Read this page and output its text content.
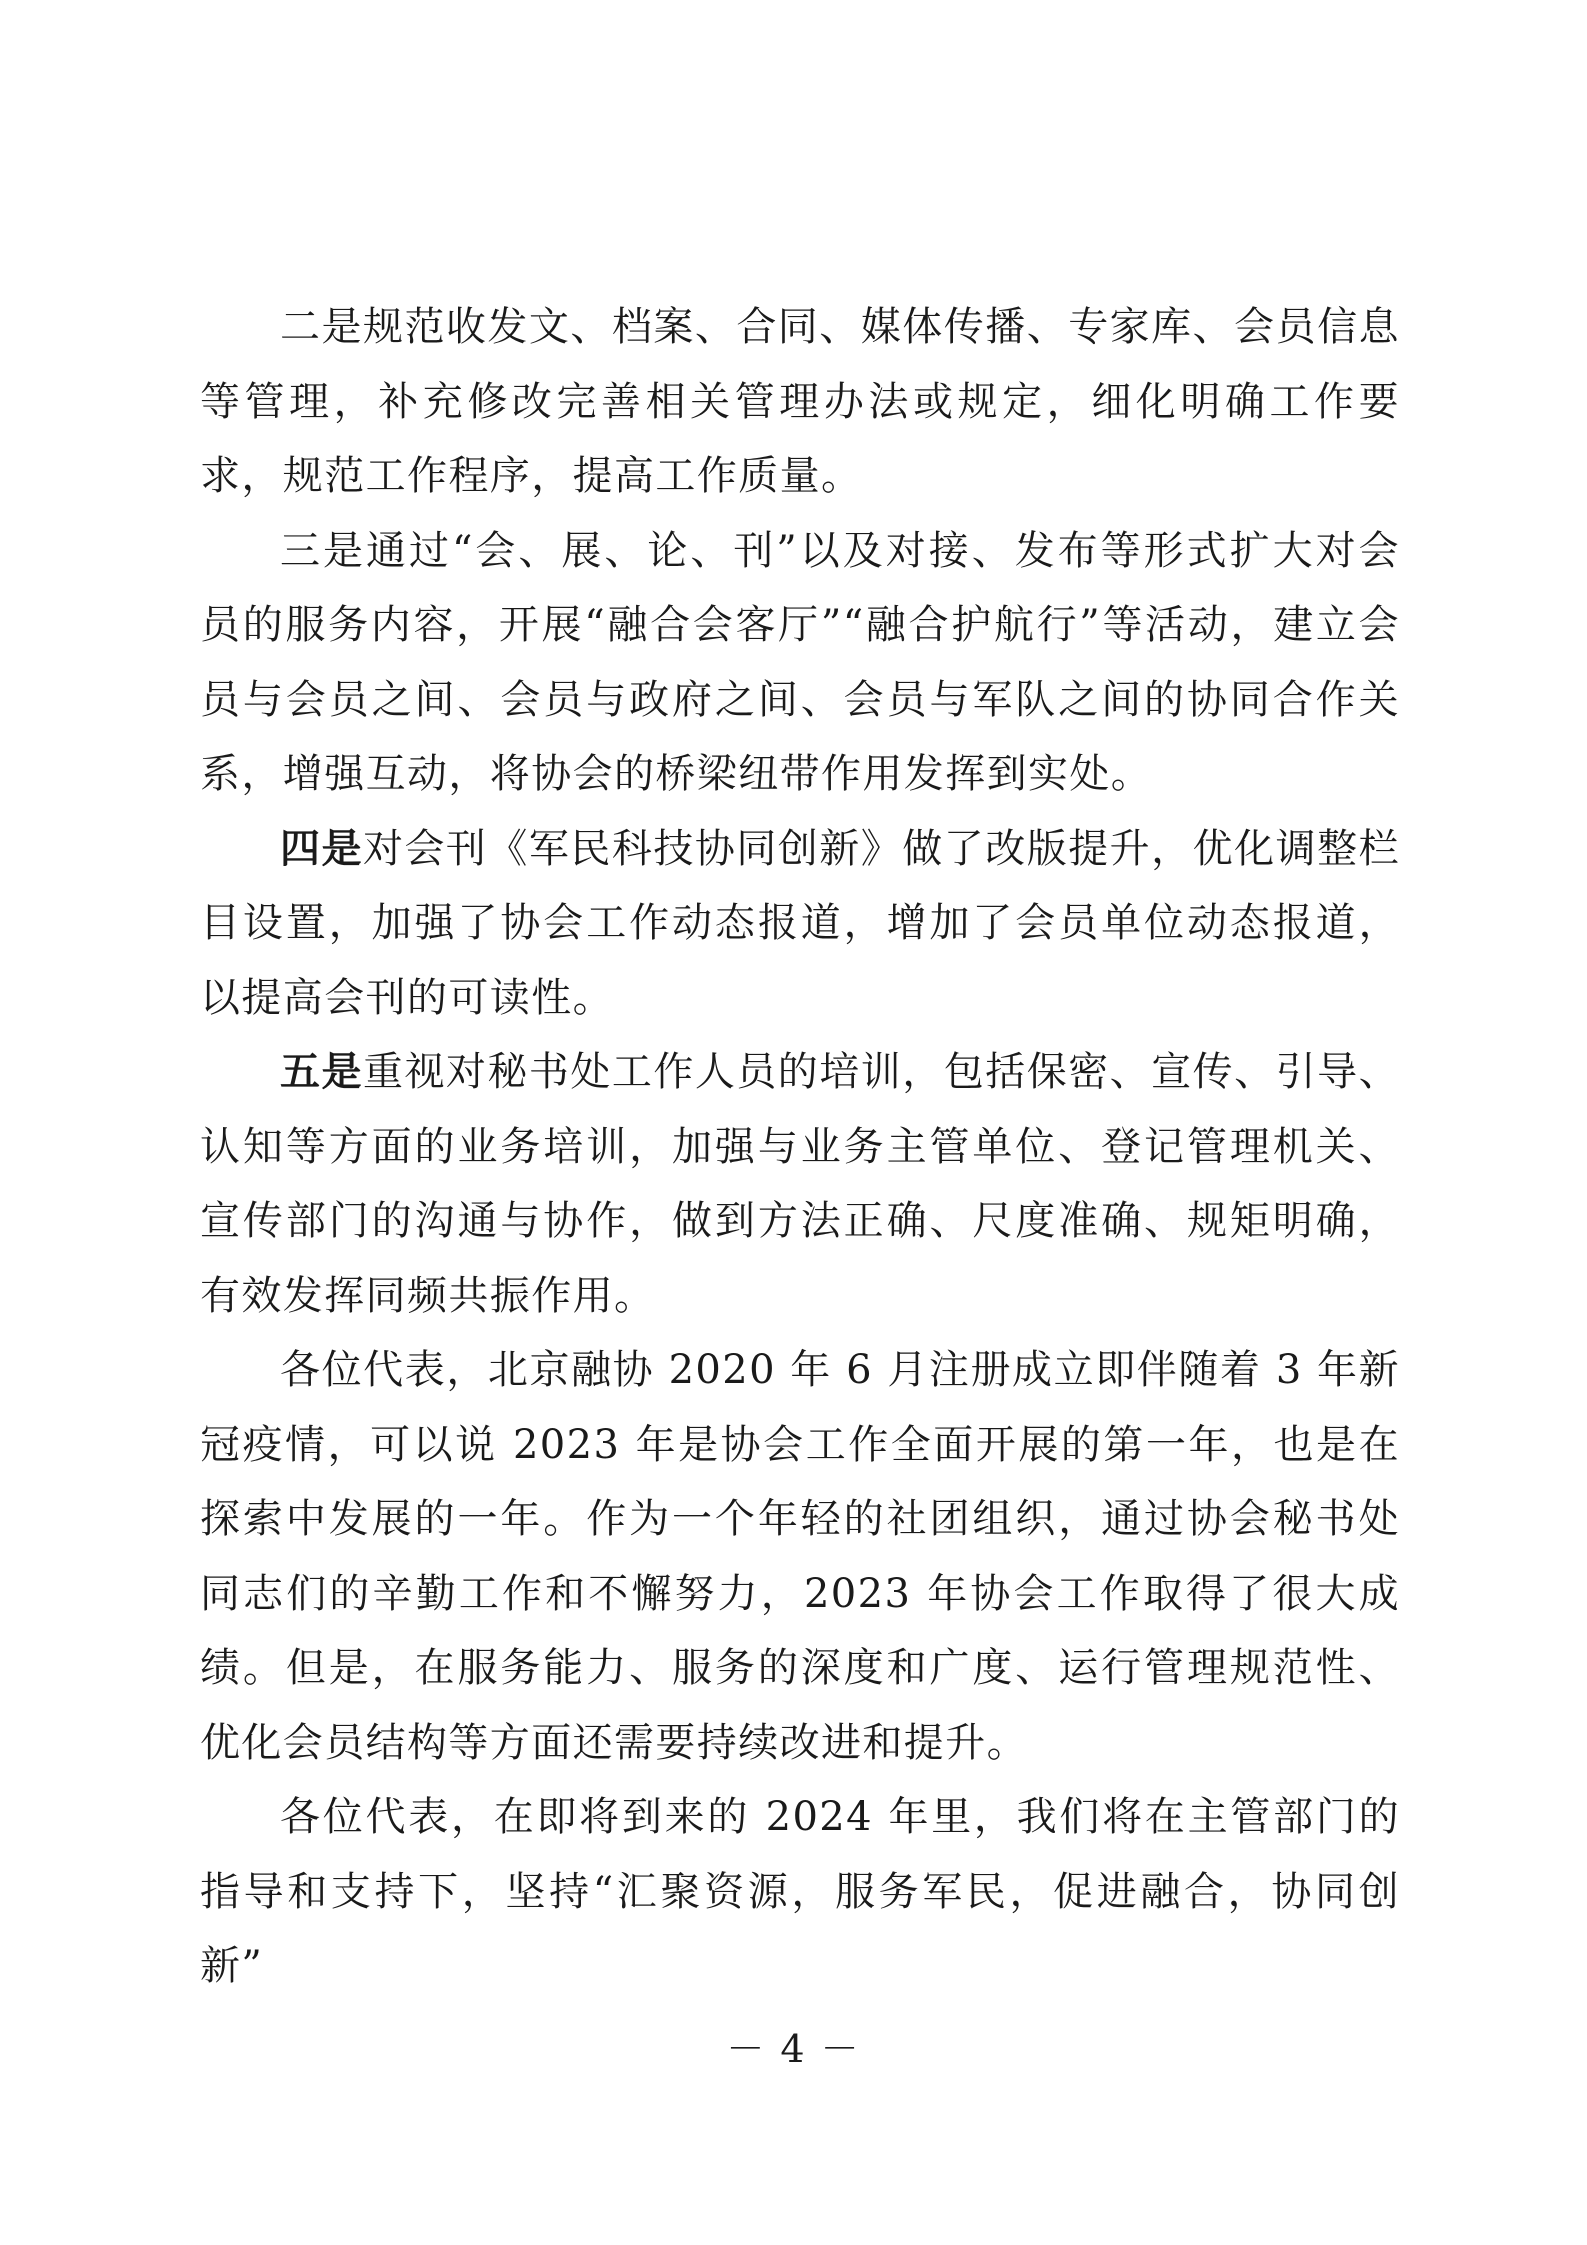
二是规范收发文、档案、合同、媒体传播、专家库、会员信息等管理，补充修改完善相关管理办法或规定，细化明确工作要求，规范工作程序，提高工作质量。

三是通过“会、展、论、刊”以及对接、发布等形式扩大对会员的服务内容，开展“融合会客厅”“融合护航行”等活动，建立会员与会员之间、会员与政府之间、会员与军队之间的协同合作关系，增强互动，将协会的桥梁纽带作用发挥到实处。

四是对会刊《军民科技协同创新》做了改版提升，优化调整栏目设置，加强了协会工作动态报道，增加了会员单位动态报道，以提高会刊的可读性。

五是重视对秘书处工作人员的培训，包括保密、宣传、引导、认知等方面的业务培训，加强与业务主管单位、登记管理机关、宣传部门的沟通与协作，做到方法正确、尺度准确、规矩明确，有效发挥同频共振作用。

各位代表，北京融协 2020 年 6 月注册成立即伴随着 3 年新冠疫情，可以说 2023 年是协会工作全面开展的第一年，也是在探索中发展的一年。作为一个年轻的社团组织，通过协会秘书处同志们的辛勤工作和不懈努力，2023 年协会工作取得了很大成绩。但是，在服务能力、服务的深度和广度、运行管理规范性、优化会员结构等方面还需要持续改进和提升。

各位代表，在即将到来的 2024 年里，我们将在主管部门的指导和支持下，坚持“汇聚资源，服务军民，促进融合，协同创新”

－ 4 －
